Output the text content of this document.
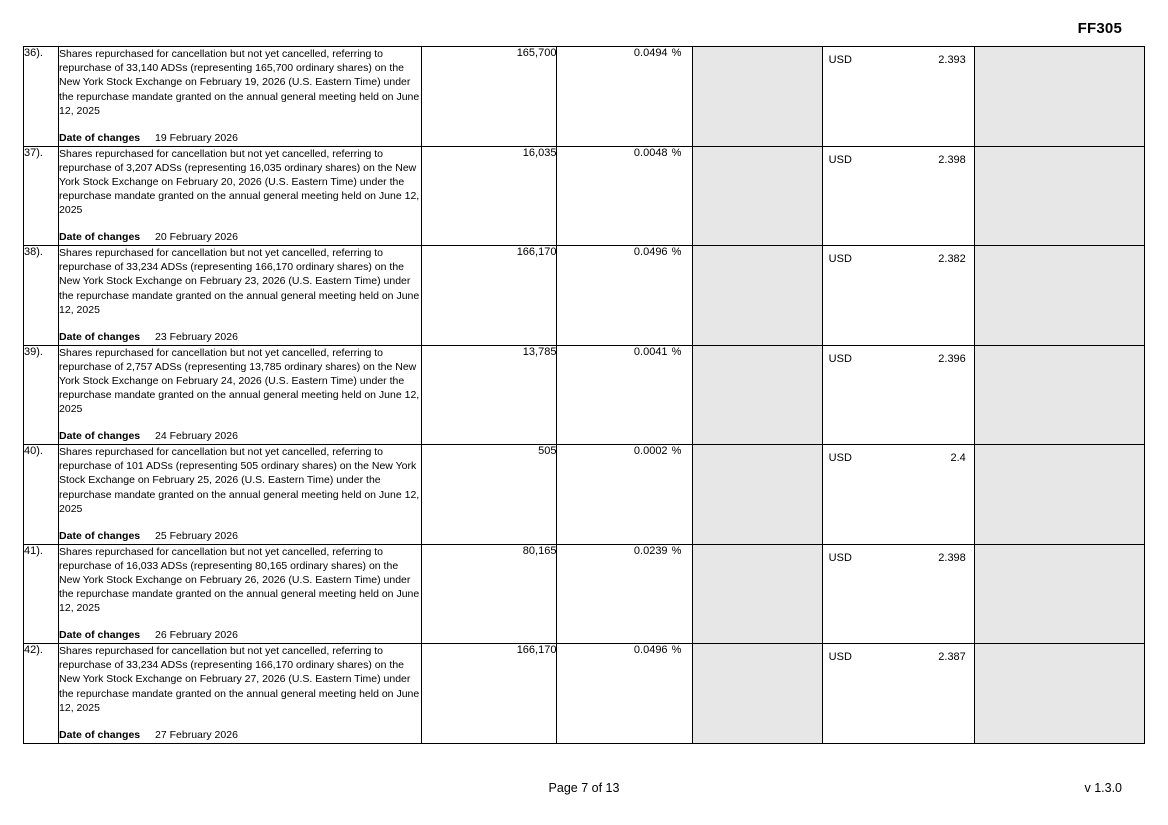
FF305
36).	Shares repurchased for cancellation but not yet cancelled, referring to repurchase of 33,140 ADSs (representing 165,700 ordinary shares) on the New York Stock Exchange on February 19, 2026 (U.S. Eastern Time) under the repurchase mandate granted on the annual general meeting held on June 12, 2025

Date of changes	19 February 2026
	165,700	0.0494 %		
USD	2.393

37).	Shares repurchased for cancellation but not yet cancelled, referring to repurchase of 3,207 ADSs (representing 16,035 ordinary shares) on the New York Stock Exchange on February 20, 2026 (U.S. Eastern Time) under the repurchase mandate granted on the annual general meeting held on June 12, 2025

Date of changes	20 February 2026
	16,035	0.0048 %		
USD	2.398

38).	Shares repurchased for cancellation but not yet cancelled, referring to repurchase of 33,234 ADSs (representing 166,170 ordinary shares) on the New York Stock Exchange on February 23, 2026 (U.S. Eastern Time) under the repurchase mandate granted on the annual general meeting held on June 12, 2025

Date of changes	23 February 2026
	166,170	0.0496 %		
USD	2.382

39).	Shares repurchased for cancellation but not yet cancelled, referring to repurchase of 2,757 ADSs (representing 13,785 ordinary shares) on the New York Stock Exchange on February 24, 2026 (U.S. Eastern Time) under the repurchase mandate granted on the annual general meeting held on June 12, 2025

Date of changes	24 February 2026
	13,785	0.0041 %		
USD	2.396

40).	Shares repurchased for cancellation but not yet cancelled, referring to repurchase of 101 ADSs (representing 505 ordinary shares) on the New York Stock Exchange on February 25, 2026 (U.S. Eastern Time) under the repurchase mandate granted on the annual general meeting held on June 12, 2025

Date of changes	25 February 2026
	505	0.0002 %		
USD	2.4

41).	Shares repurchased for cancellation but not yet cancelled, referring to repurchase of 16,033 ADSs (representing 80,165 ordinary shares) on the New York Stock Exchange on February 26, 2026 (U.S. Eastern Time) under the repurchase mandate granted on the annual general meeting held on June 12, 2025

Date of changes	26 February 2026
	80,165	0.0239 %		
USD	2.398

42).	Shares repurchased for cancellation but not yet cancelled, referring to repurchase of 33,234 ADSs (representing 166,170 ordinary shares) on the New York Stock Exchange on February 27, 2026 (U.S. Eastern Time) under the repurchase mandate granted on the annual general meeting held on June 12, 2025

Date of changes	27 February 2026
	166,170	0.0496 %		
USD	2.387

Page 7 of 13	v 1.3.0
